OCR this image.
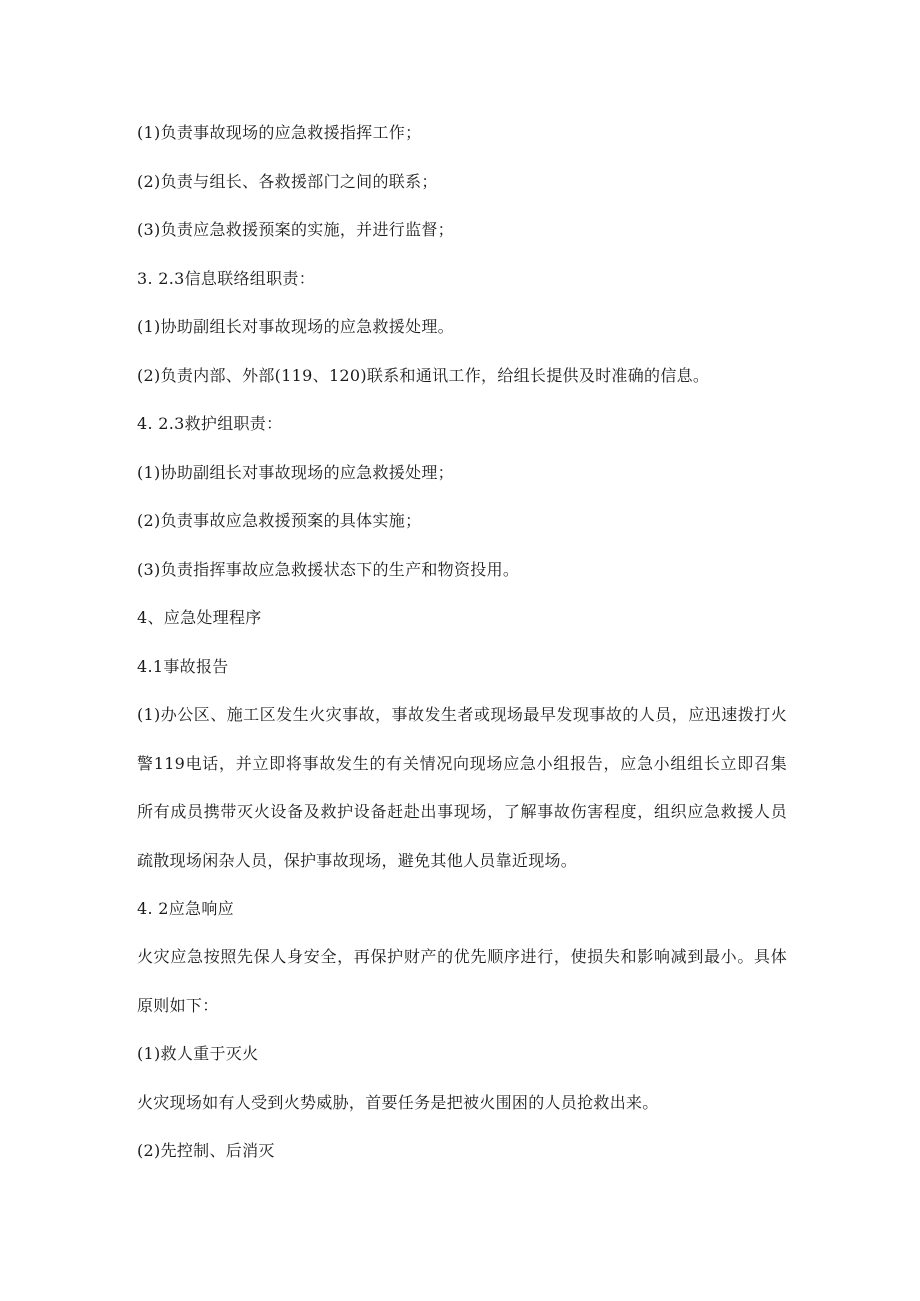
(1)负责事故现场的应急救援指挥工作；
(2)负责与组长、各救援部门之间的联系；
(3)负责应急救援预案的实施，并进行监督；
3. 2.3信息联络组职责：
(1)协助副组长对事故现场的应急救援处理。
(2)负责内部、外部(119、120)联系和通讯工作，给组长提供及时准确的信息。
4. 2.3救护组职责：
(1)协助副组长对事故现场的应急救援处理；
(2)负责事故应急救援预案的具体实施；
(3)负责指挥事故应急救援状态下的生产和物资投用。
4、应急处理程序
4.1事故报告
(1)办公区、施工区发生火灾事故，事故发生者或现场最早发现事故的人员，应迅速拨打火警119电话，并立即将事故发生的有关情况向现场应急小组报告，应急小组组长立即召集所有成员携带灭火设备及救护设备赶赴出事现场，了解事故伤害程度，组织应急救援人员疏散现场闲杂人员，保护事故现场，避免其他人员靠近现场。
4. 2应急响应
火灾应急按照先保人身安全，再保护财产的优先顺序进行，使损失和影响减到最小。具体原则如下：
(1)救人重于灭火
火灾现场如有人受到火势威胁，首要任务是把被火围困的人员抢救出来。
(2)先控制、后消灭
